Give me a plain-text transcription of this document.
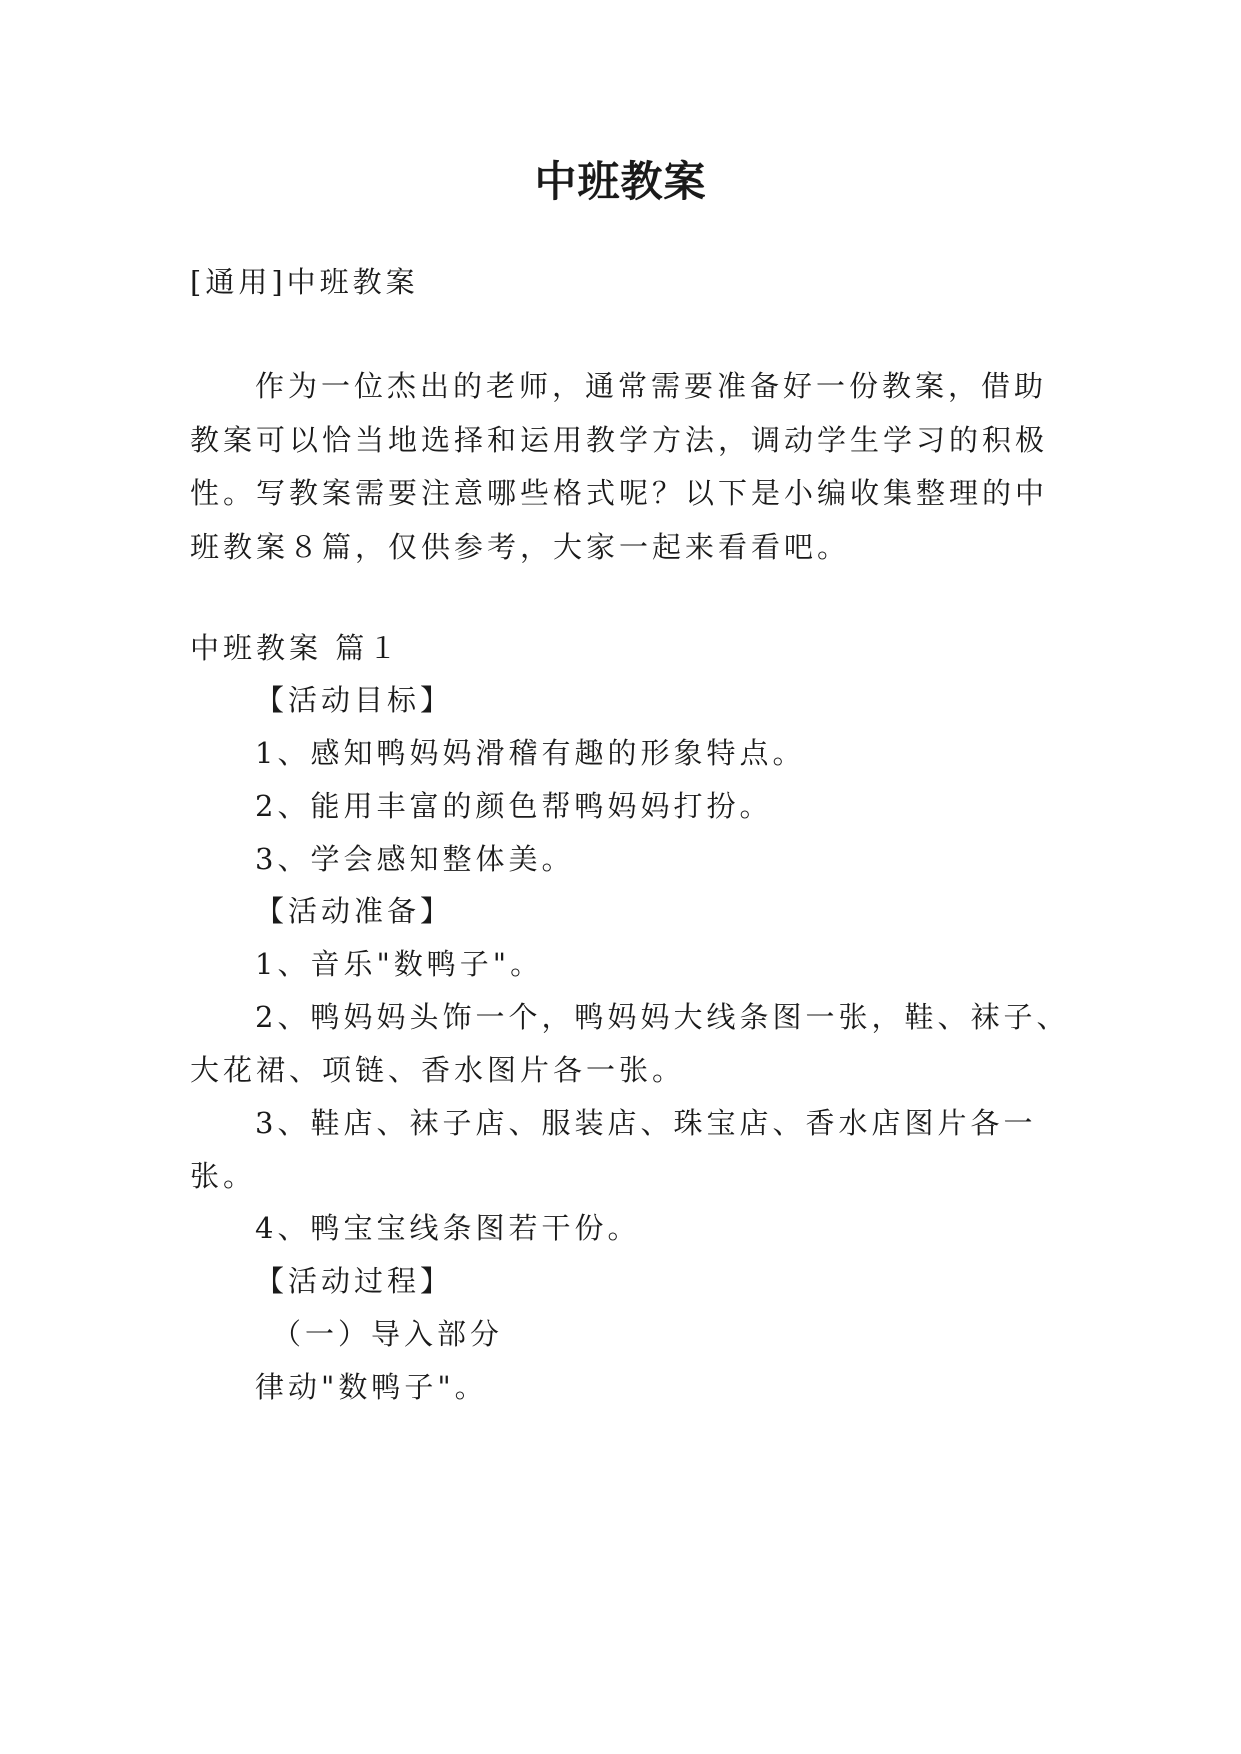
中班教案
[通用]中班教案
作为一位杰出的老师，通常需要准备好一份教案，借助
教案可以恰当地选择和运用教学方法，调动学生学习的积极
性。写教案需要注意哪些格式呢？以下是小编收集整理的中
班教案８篇，仅供参考，大家一起来看看吧。
中班教案 篇１
【活动目标】
1、感知鸭妈妈滑稽有趣的形象特点。
2、能用丰富的颜色帮鸭妈妈打扮。
3、学会感知整体美。
【活动准备】
1、音乐"数鸭子"。
2、鸭妈妈头饰一个，鸭妈妈大线条图一张，鞋、袜子、
大花裙、项链、香水图片各一张。
3、鞋店、袜子店、服装店、珠宝店、香水店图片各一
张。
4、鸭宝宝线条图若干份。
【活动过程】
（一）导入部分
律动"数鸭子"。
